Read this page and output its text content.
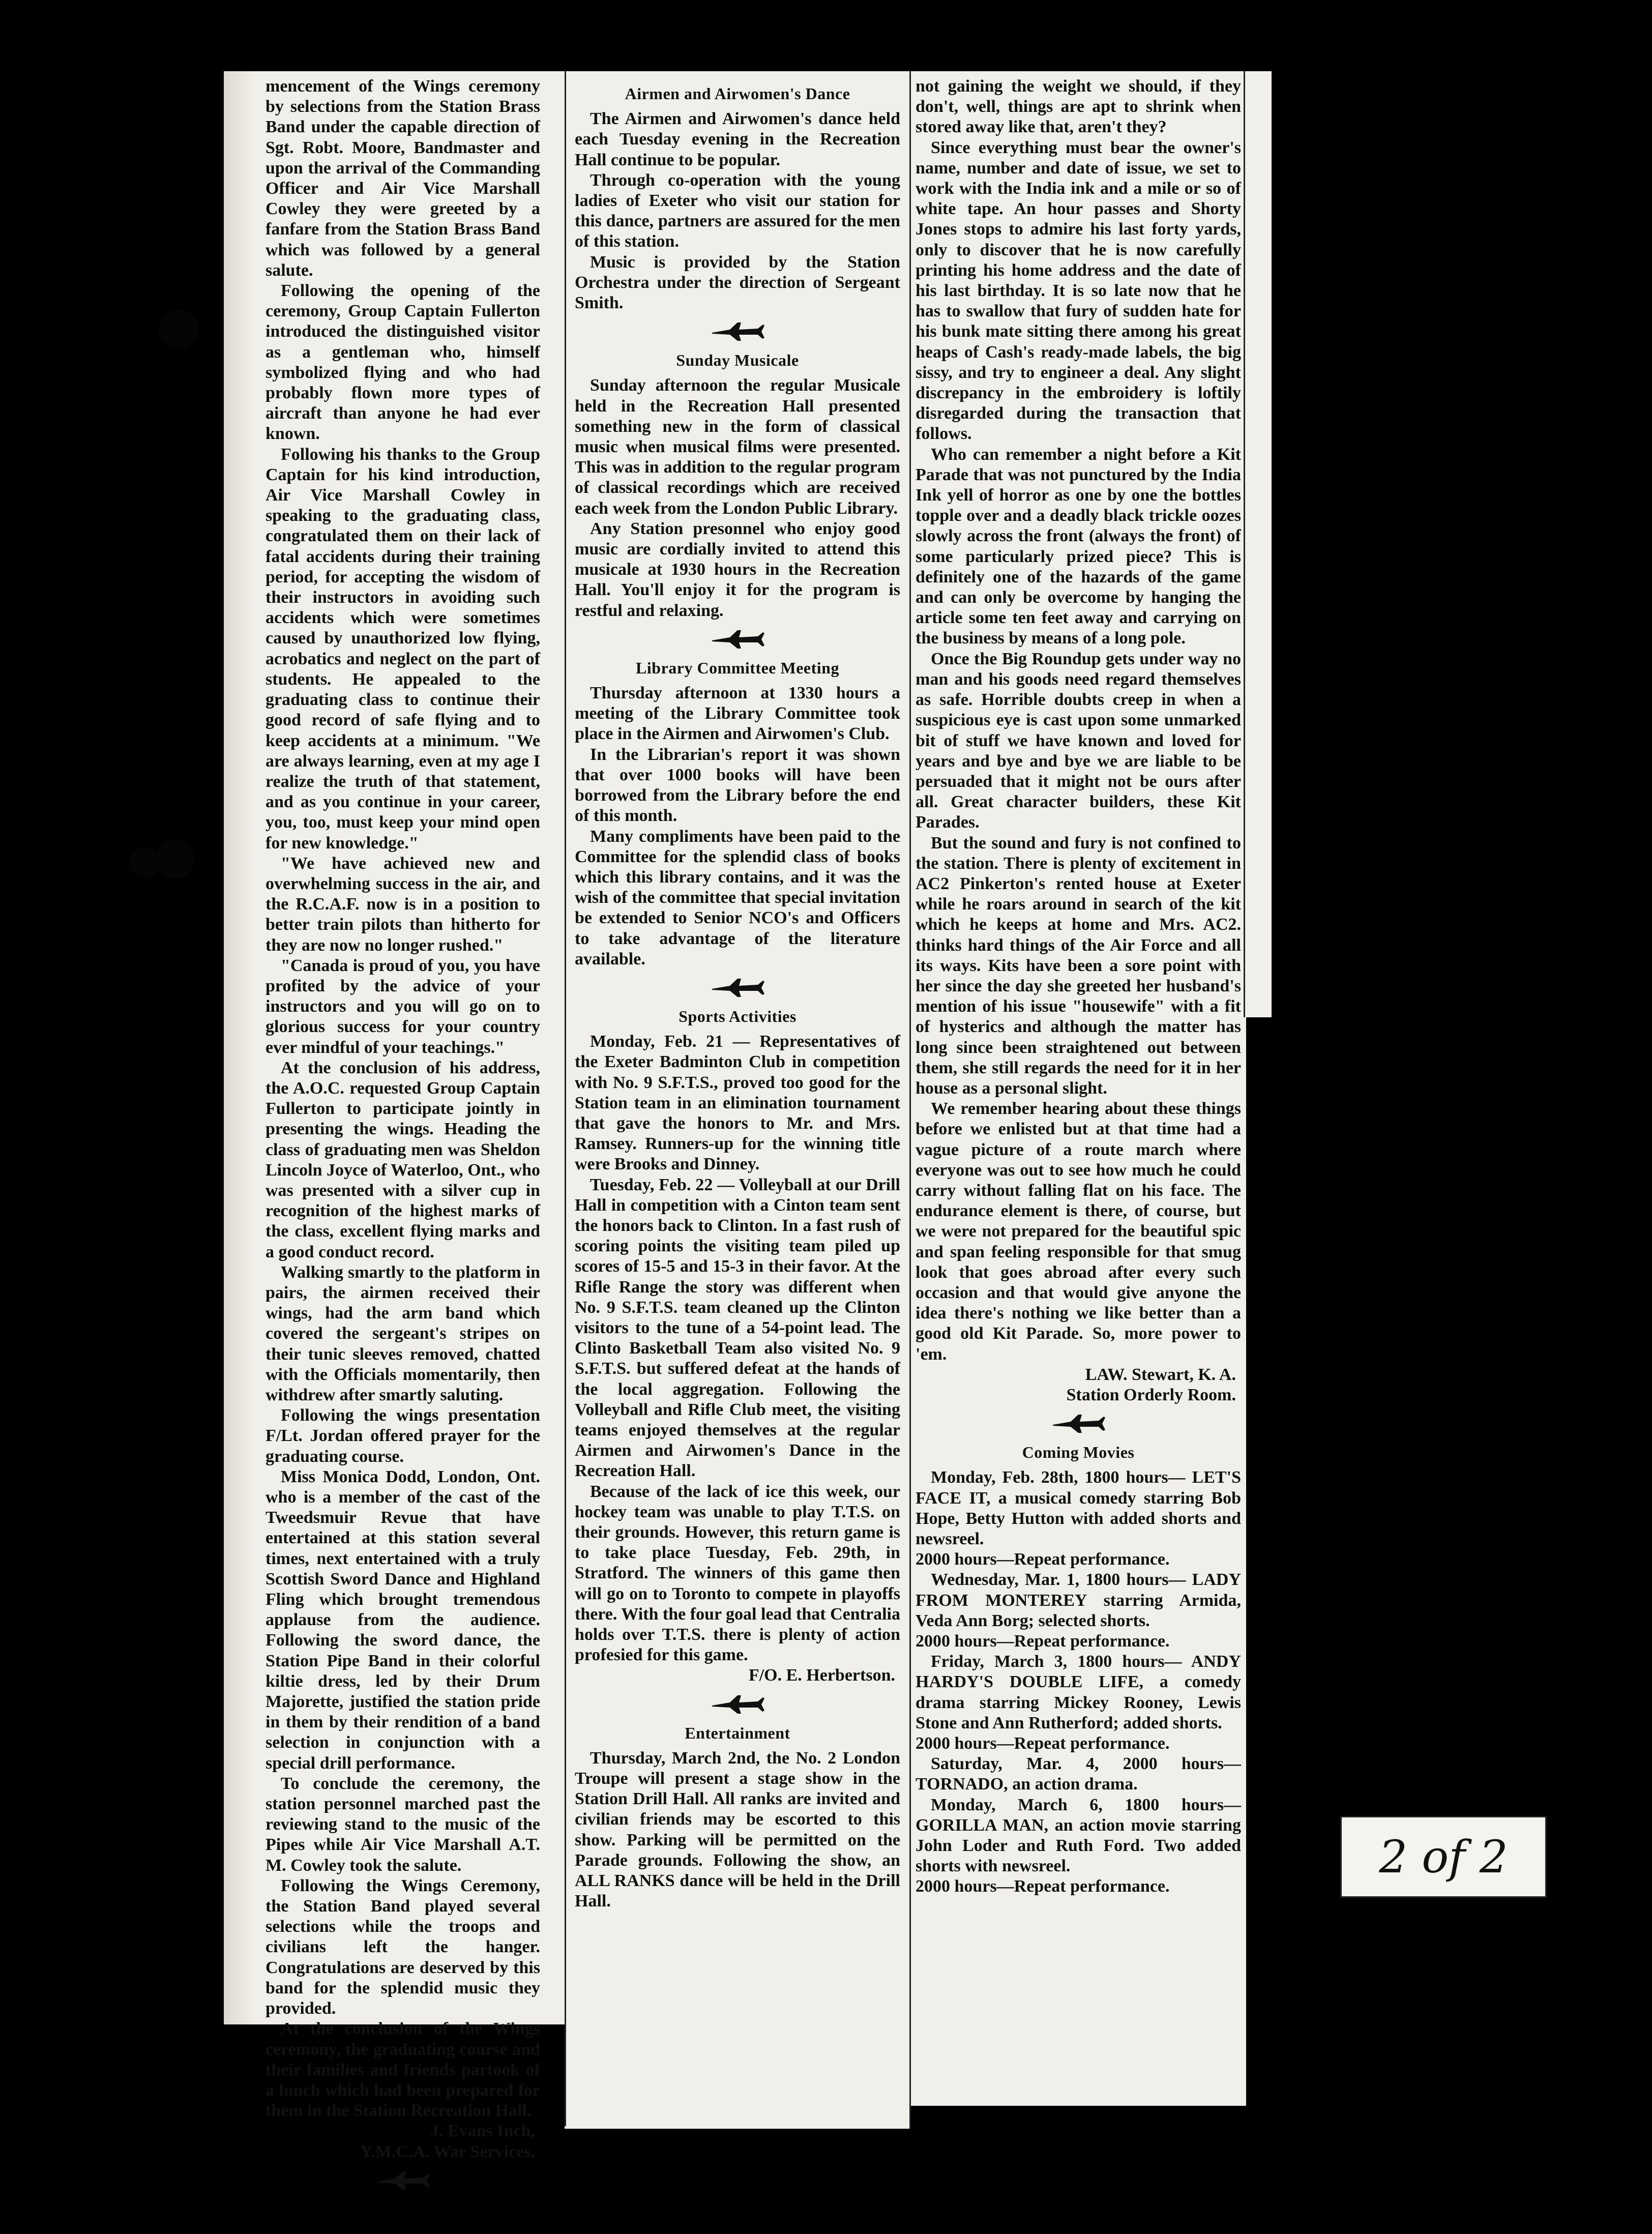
mencement of the Wings ceremony by selections from the Station Brass Band under the capable direction of Sgt. Robt. Moore, Bandmaster and upon the arrival of the Commanding Officer and Air Vice Marshall Cowley they were greeted by a fanfare from the Station Brass Band which was followed by a general salute.

Following the opening of the ceremony, Group Captain Fullerton introduced the distinguished visitor as a gentleman who, himself symbolized flying and who had probably flown more types of aircraft than anyone he had ever known.

Following his thanks to the Group Captain for his kind introduction, Air Vice Marshall Cowley in speaking to the graduating class, congratulated them on their lack of fatal accidents during their training period, for accepting the wisdom of their instructors in avoiding such accidents which were sometimes caused by unauthorized low flying, acrobatics and neglect on the part of students. He appealed to the graduating class to continue their good record of safe flying and to keep accidents at a minimum. "We are always learning, even at my age I realize the truth of that statement, and as you continue in your career, you, too, must keep your mind open for new knowledge."

"We have achieved new and overwhelming success in the air, and the R.C.A.F. now is in a position to better train pilots than hitherto for they are now no longer rushed."

"Canada is proud of you, you have profited by the advice of your instructors and you will go on to glorious success for your country ever mindful of your teachings."

At the conclusion of his address, the A.O.C. requested Group Captain Fullerton to participate jointly in presenting the wings. Heading the class of graduating men was Sheldon Lincoln Joyce of Waterloo, Ont., who was presented with a silver cup in recognition of the highest marks of the class, excellent flying marks and a good conduct record.

Walking smartly to the platform in pairs, the airmen received their wings, had the arm band which covered the sergeant's stripes on their tunic sleeves removed, chatted with the Officials momentarily, then withdrew after smartly saluting.

Following the wings presentation F/Lt. Jordan offered prayer for the graduating course.

Miss Monica Dodd, London, Ont. who is a member of the cast of the Tweedsmuir Revue that have entertained at this station several times, next entertained with a truly Scottish Sword Dance and Highland Fling which brought tremendous applause from the audience. Following the sword dance, the Station Pipe Band in their colorful kiltie dress, led by their Drum Majorette, justified the station pride in them by their rendition of a band selection in conjunction with a special drill performance.

To conclude the ceremony, the station personnel marched past the reviewing stand to the music of the Pipes while Air Vice Marshall A.T. M. Cowley took the salute.

Following the Wings Ceremony, the Station Band played several selections while the troops and civilians left the hanger. Congratulations are deserved by this band for the splendid music they provided.

At the conclusion of the Wings ceremony, the graduating course and their families and friends partook of a lunch which had been prepared for them in the Station Recreation Hall.

J. Evans Inch,

Y.M.C.A. War Services.

Airmen and Airwomen's Dance

The Airmen and Airwomen's dance held each Tuesday evening in the Recreation Hall continue to be popular.

Through co-operation with the young ladies of Exeter who visit our station for this dance, partners are assured for the men of this station.

Music is provided by the Station Orchestra under the direction of Sergeant Smith.

Sunday Musicale

Sunday afternoon the regular Musicale held in the Recreation Hall presented something new in the form of classical music when musical films were presented. This was in addition to the regular program of classical recordings which are received each week from the London Public Library.

Any Station presonnel who enjoy good music are cordially invited to attend this musicale at 1930 hours in the Recreation Hall. You'll enjoy it for the program is restful and relaxing.

Library Committee Meeting

Thursday afternoon at 1330 hours a meeting of the Library Committee took place in the Airmen and Airwomen's Club.

In the Librarian's report it was shown that over 1000 books will have been borrowed from the Library before the end of this month.

Many compliments have been paid to the Committee for the splendid class of books which this library contains, and it was the wish of the committee that special invitation be extended to Senior NCO's and Officers to take advantage of the literature available.

Sports Activities

Monday, Feb. 21 — Representatives of the Exeter Badminton Club in competition with No. 9 S.F.T.S., proved too good for the Station team in an elimination tournament that gave the honors to Mr. and Mrs. Ramsey. Runners-up for the winning title were Brooks and Dinney.

Tuesday, Feb. 22 — Volleyball at our Drill Hall in competition with a Cinton team sent the honors back to Clinton. In a fast rush of scoring points the visiting team piled up scores of 15-5 and 15-3 in their favor. At the Rifle Range the story was different when No. 9 S.F.T.S. team cleaned up the Clinton visitors to the tune of a 54-point lead. The Clinto Basketball Team also visited No. 9 S.F.T.S. but suffered defeat at the hands of the local aggregation. Following the Volleyball and Rifle Club meet, the visiting teams enjoyed themselves at the regular Airmen and Airwomen's Dance in the Recreation Hall.

Because of the lack of ice this week, our hockey team was unable to play T.T.S. on their grounds. However, this return game is to take place Tuesday, Feb. 29th, in Stratford. The winners of this game then will go on to Toronto to compete in playoffs there. With the four goal lead that Centralia holds over T.T.S. there is plenty of action profesied for this game.

F/O. E. Herbertson.

Entertainment

Thursday, March 2nd, the No. 2 London Troupe will present a stage show in the Station Drill Hall. All ranks are invited and civilian friends may be escorted to this show. Parking will be permitted on the Parade grounds. Following the show, an ALL RANKS dance will be held in the Drill Hall.

not gaining the weight we should, if they don't, well, things are apt to shrink when stored away like that, aren't they?

Since everything must bear the owner's name, number and date of issue, we set to work with the India ink and a mile or so of white tape. An hour passes and Shorty Jones stops to admire his last forty yards, only to discover that he is now carefully printing his home address and the date of his last birthday. It is so late now that he has to swallow that fury of sudden hate for his bunk mate sitting there among his great heaps of Cash's ready-made labels, the big sissy, and try to engineer a deal. Any slight discrepancy in the embroidery is loftily disregarded during the transaction that follows.

Who can remember a night before a Kit Parade that was not punctured by the India Ink yell of horror as one by one the bottles topple over and a deadly black trickle oozes slowly across the front (always the front) of some particularly prized piece? This is definitely one of the hazards of the game and can only be overcome by hanging the article some ten feet away and carrying on the business by means of a long pole.

Once the Big Roundup gets under way no man and his goods need regard themselves as safe. Horrible doubts creep in when a suspicious eye is cast upon some unmarked bit of stuff we have known and loved for years and bye and bye we are liable to be persuaded that it might not be ours after all. Great character builders, these Kit Parades.

But the sound and fury is not confined to the station. There is plenty of excitement in AC2 Pinkerton's rented house at Exeter while he roars around in search of the kit which he keeps at home and Mrs. AC2. thinks hard things of the Air Force and all its ways. Kits have been a sore point with her since the day she greeted her husband's mention of his issue "housewife" with a fit of hysterics and although the matter has long since been straightened out between them, she still regards the need for it in her house as a personal slight.

We remember hearing about these things before we enlisted but at that time had a vague picture of a route march where everyone was out to see how much he could carry without falling flat on his face. The endurance element is there, of course, but we were not prepared for the beautiful spic and span feeling responsible for that smug look that goes abroad after every such occasion and that would give anyone the idea there's nothing we like better than a good old Kit Parade. So, more power to 'em.

LAW. Stewart, K. A.

Station Orderly Room.

Coming Movies

Monday, Feb. 28th, 1800 hours— LET'S FACE IT, a musical comedy starring Bob Hope, Betty Hutton with added shorts and newsreel.

2000 hours—Repeat performance.

Wednesday, Mar. 1, 1800 hours— LADY FROM MONTEREY starring Armida, Veda Ann Borg; selected shorts.

2000 hours—Repeat performance.

Friday, March 3, 1800 hours— ANDY HARDY'S DOUBLE LIFE, a comedy drama starring Mickey Rooney, Lewis Stone and Ann Rutherford; added shorts.

2000 hours—Repeat performance.

Saturday, Mar. 4, 2000 hours— TORNADO, an action drama.

Monday, March 6, 1800 hours— GORILLA MAN, an action movie starring John Loder and Ruth Ford. Two added shorts with newsreel.

2000 hours—Repeat performance.

2 of 2
